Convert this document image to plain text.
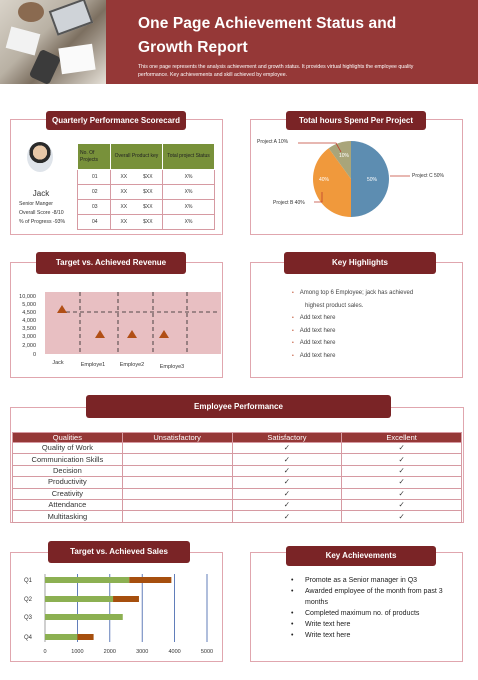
One Page Achievement Status and
Growth Report

This one page represents the analysis achievement and growth status. It provides virtual highlights the employee quality performance. Key achievements and skill achieved by employee.

Quarterly Performance Scorecard
Jack
Senior Manger
Overall Score -8/10
% of Progress -93%
No. Of Projects	Overall Product key	Total project Status
01	XX $XX	X%
02	XX $XX	X%
03	XX $XX	X%
04	XX $XX	X%
Total hours Spend Per Project
50%
40%
10%
Project A 10%
Project C 50%
Project B 40%
Target vs. Achieved Revenue
10,000
5,000
4,500
4,000
3,500
3,000
2,000
0
Jack	Employe1	Employe2	Employe3
Key Highlights
• Among top 6 Employee; jack has achieved
highest product sales.
• Add text here
• Add text here
• Add text here
• Add text here
Employee Performance
Qualities	Unsatisfactory	Satisfactory	Excellent
Quality of Work		✓	✓
Communication Skills		✓	✓
Decision		✓	✓
Productivity		✓	✓
Creativity		✓	✓
Attendance		✓	✓
Multitasking		✓	✓
Target vs. Achieved Sales
0	1000	2000	3000	4000	5000
Q1
Q2
Q3
Q4
Key Achievements
• Promote as a Senior manager in Q3
• Awarded employee of the month from past 3 months
• Completed maximum no. of products
• Write text here
• Write text here
